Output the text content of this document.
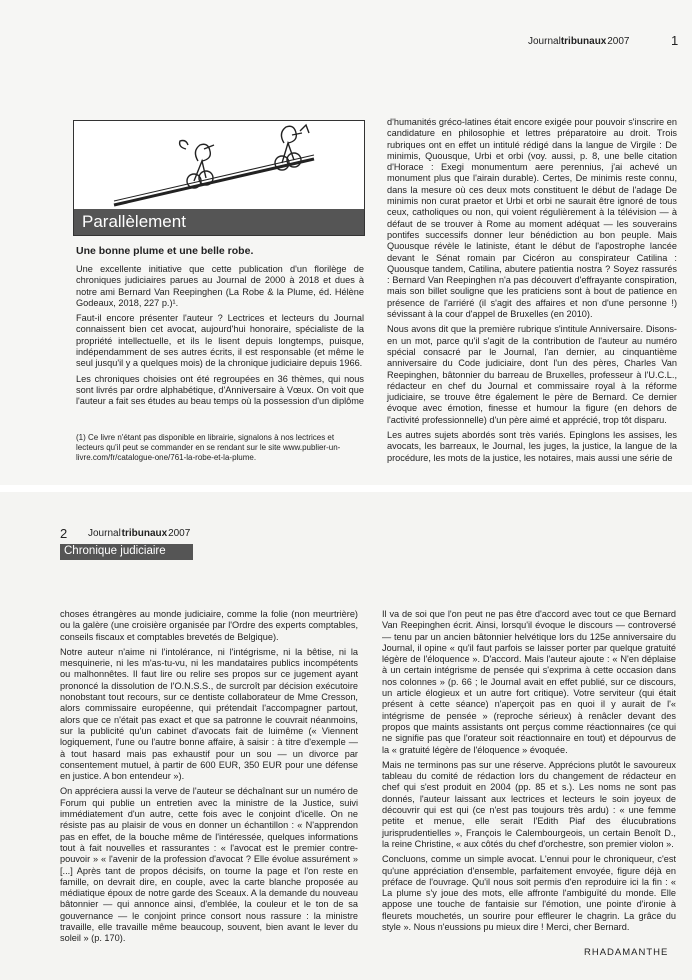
Journaltribunaux 2007	1
Parallèlement
Une bonne plume et une belle robe.

Une excellente initiative que cette publication d'un florilège de chroniques judiciaires parues au Journal de 2000 à 2018 et dues à notre ami Bernard Van Reepinghen (La Robe & la Plume, éd. Hélène Godeaux, 2018, 227 p.)¹.

Faut-il encore présenter l'auteur ? Lectrices et lecteurs du Journal connaissent bien cet avocat, aujourd'hui honoraire, spécialiste de la propriété intellectuelle, et ils le lisent depuis longtemps, puisque, indépendamment de ses autres écrits, il est responsable (et même le seul jusqu'il y a quelques mois) de la chronique judiciaire depuis 1966.

Les chroniques choisies ont été regroupées en 36 thèmes, qui nous sont livrés par ordre alphabétique, d'Anniversaire à Vœux. On voit que l'auteur a fait ses études au beau temps où la possession d'un diplôme

(1) Ce livre n'étant pas disponible en librairie, signalons à nos lectrices et lecteurs qu'il peut se commander en se rendant sur le site www.publier-un-livre.com/fr/catalogue-one/761-la-robe-et-la-plume.

d'humanités gréco-latines était encore exigée pour pouvoir s'inscrire en candidature en philosophie et lettres préparatoire au droit. Trois rubriques ont en effet un intitulé rédigé dans la langue de Virgile : De minimis, Quousque, Urbi et orbi (voy. aussi, p. 8, une belle citation d'Horace : Exegi monumentum aere perennius, j'ai achevé un monument plus que l'airain durable). Certes, De minimis reste connu, dans la mesure où ces deux mots constituent le début de l'adage De minimis non curat praetor et Urbi et orbi ne saurait être ignoré de tous ceux, catholiques ou non, qui voient régulièrement à la télévision — à défaut de se trouver à Rome au moment adéquat — les souverains pontifes successifs donner leur bénédiction au bon peuple. Mais Quousque révèle le latiniste, étant le début de l'apostrophe lancée devant le Sénat romain par Cicéron au conspirateur Catilina : Quousque tandem, Catilina, abutere patientia nostra ? Soyez rassurés : Bernard Van Reepinghen n'a pas découvert d'effrayante conspiration, mais son billet souligne que les praticiens sont à bout de patience en présence de l'arriéré (il s'agit des affaires et non d'une personne !) sévissant à la cour d'appel de Bruxelles (en 2010).

Nous avons dit que la première rubrique s'intitule Anniversaire. Disons-en un mot, parce qu'il s'agit de la contribution de l'auteur au numéro spécial consacré par le Journal, l'an dernier, au cinquantième anniversaire du Code judiciaire, dont l'un des pères, Charles Van Reepinghen, bâtonnier du barreau de Bruxelles, professeur à l'U.C.L., rédacteur en chef du Journal et commissaire royal à la réforme judiciaire, se trouve être également le père de Bernard. Ce dernier évoque avec émotion, finesse et humour la figure (en dehors de l'activité professionnelle) d'un père aimé et apprécié, trop tôt disparu.

Les autres sujets abordés sont très variés. Epinglons les assises, les avocats, les barreaux, le Journal, les juges, la justice, la langue de la procédure, les mots de la justice, les notaires, mais aussi une série de

2 Journal tribunaux 2007
Chronique judiciaire

choses étrangères au monde judiciaire, comme la folie (non meurtrière) ou la galère (une croisière organisée par l'Ordre des experts comptables, conseils fiscaux et comptables brevetés de Belgique).

Notre auteur n'aime ni l'intolérance, ni l'intégrisme, ni la bêtise, ni la mesquinerie, ni les m'as-tu-vu, ni les mandataires publics incompétents ou malhonnêtes. Il faut lire ou relire ses propos sur ce jugement ayant prononcé la dissolution de l'O.N.S.S., de surcroît par décision exécutoire nonobstant tout recours, sur ce dentiste collaborateur de Mme Cresson, alors commissaire européenne, qui prétendait l'accompagner partout, alors que ce n'était pas exact et que sa patronne le couvrait néanmoins, sur la publicité qu'un cabinet d'avocats fait de luimême (« Viennent logiquement, l'une ou l'autre bonne affaire, à saisir : à titre d'exemple — à tout hasard mais pas exhaustif pour un sou — un divorce par consentement mutuel, à partir de 600 EUR, 350 EUR pour une défense en justice. A bon entendeur »).

On appréciera aussi la verve de l'auteur se déchaînant sur un numéro de Forum qui publie un entretien avec la ministre de la Justice, suivi immédiatement d'un autre, cette fois avec le conjoint d'icelle. On ne résiste pas au plaisir de vous en donner un échantillon : « N'apprendon pas en effet, de la bouche même de l'intéressée, quelques informations tout à fait nouvelles et rassurantes : « l'avocat est le premier contre-pouvoir » « l'avenir de la profession d'avocat ? Elle évolue assurément » [...] Après tant de propos décisifs, on tourne la page et l'on reste en famille, on devrait dire, en couple, avec la carte blanche proposée au médiatique époux de notre garde des Sceaux. A la demande du nouveau bâtonnier — qui annonce ainsi, d'emblée, la couleur et le ton de sa gouvernance — le conjoint prince consort nous rassure : la ministre travaille, elle travaille même beaucoup, souvent, bien avant le lever du soleil » (p. 170).

Il va de soi que l'on peut ne pas être d'accord avec tout ce que Bernard Van Reepinghen écrit. Ainsi, lorsqu'il évoque le discours — controversé — tenu par un ancien bâtonnier helvétique lors du 125e anniversaire du Journal, il opine « qu'il faut parfois se laisser porter par quelque gratuité légère de l'éloquence ». D'accord. Mais l'auteur ajoute : « N'en déplaise à un certain intégrisme de pensée qui s'exprima à cette occasion dans nos colonnes » (p. 66 ; le Journal avait en effet publié, sur ce discours, un article élogieux et un autre fort critique). Votre serviteur (qui était présent à cette séance) n'aperçoit pas en quoi il y aurait de l'« intégrisme de pensée » (reproche sérieux) à renâcler devant des propos que maints assistants ont perçus comme réactionnaires (ce qui ne signifie pas que l'orateur soit réactionnaire en tout) et dépourvus de la « gratuité légère de l'éloquence » évoquée.

Mais ne terminons pas sur une réserve. Apprécions plutôt le savoureux tableau du comité de rédaction lors du changement de rédacteur en chef qui s'est produit en 2004 (pp. 85 et s.). Les noms ne sont pas donnés, l'auteur laissant aux lectrices et lecteurs le soin joyeux de découvrir qui est qui (ce n'est pas toujours très ardu) : « une femme petite et menue, elle serait l'Edith Piaf des élucubrations jurisprudentielles », François le Calembourgeois, un certain Benoît D., la reine Christine, « aux côtés du chef d'orchestre, son premier violon ».

Concluons, comme un simple avocat. L'ennui pour le chroniqueur, c'est qu'une appréciation d'ensemble, parfaitement envoyée, figure déjà en préface de l'ouvrage. Qu'il nous soit permis d'en reproduire ici la fin : « La plume s'y joue des mots, elle affronte l'ambiguïté du monde. Elle appose une touche de fantaisie sur l'émotion, une pointe d'ironie à fleurets mouchetés, un sourire pour effleurer le chagrin. La grâce du style ». Nous n'eussions pu mieux dire ! Merci, cher Bernard.

RHADAMANTHE
